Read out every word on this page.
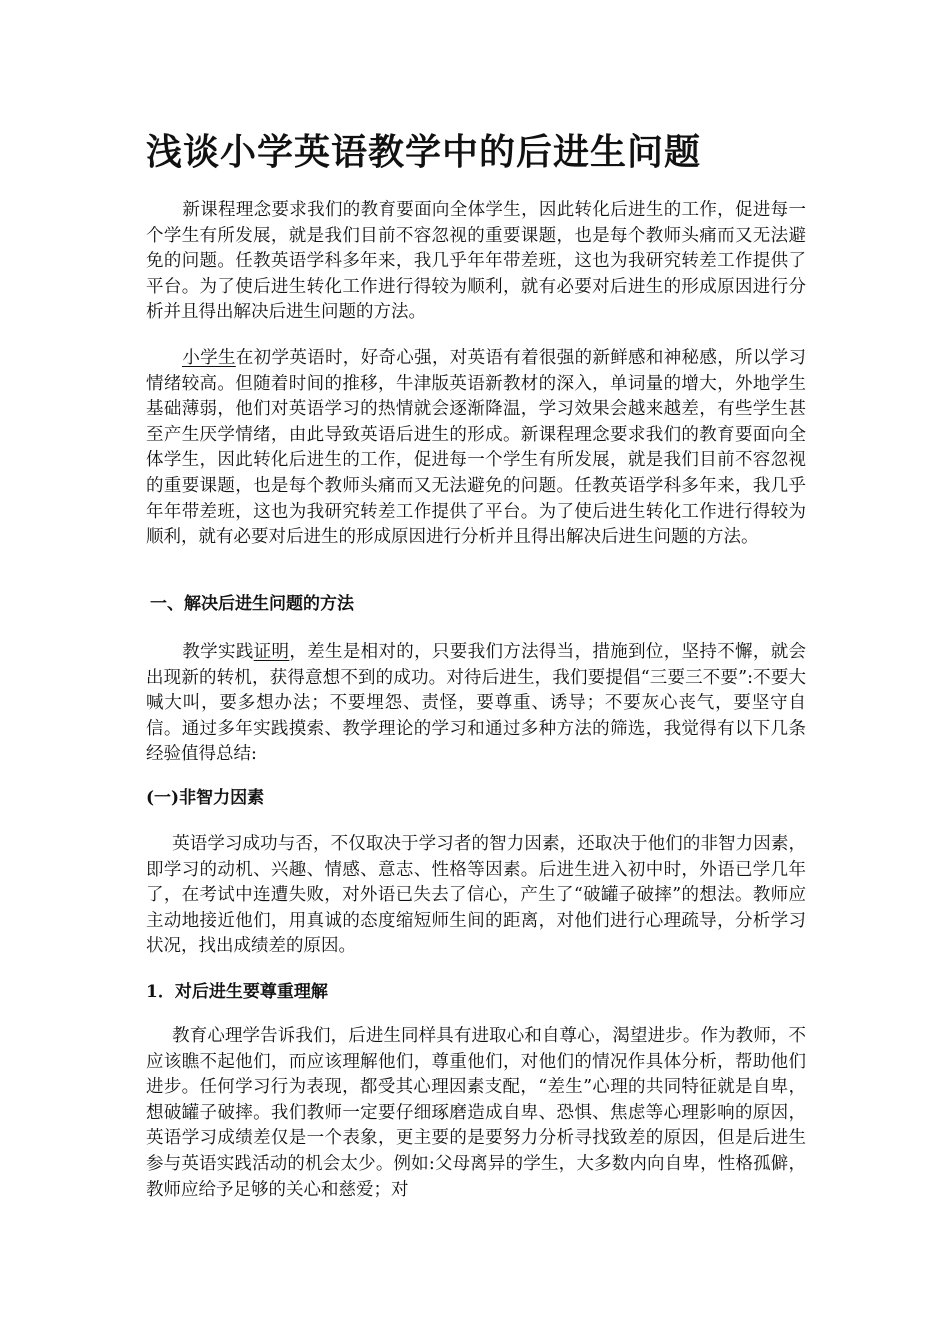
浅谈小学英语教学中的后进生问题

新课程理念要求我们的教育要面向全体学生，因此转化后进生的工作，促进每一个学生有所发展，就是我们目前不容忽视的重要课题，也是每个教师头痛而又无法避免的问题。任教英语学科多年来，我几乎年年带差班，这也为我研究转差工作提供了平台。为了使后进生转化工作进行得较为顺利，就有必要对后进生的形成原因进行分析并且得出解决后进生问题的方法。

小学生在初学英语时，好奇心强，对英语有着很强的新鲜感和神秘感，所以学习情绪较高。但随着时间的推移，牛津版英语新教材的深入，单词量的增大，外地学生基础薄弱，他们对英语学习的热情就会逐渐降温，学习效果会越来越差，有些学生甚至产生厌学情绪，由此导致英语后进生的形成。新课程理念要求我们的教育要面向全体学生，因此转化后进生的工作，促进每一个学生有所发展，就是我们目前不容忽视的重要课题，也是每个教师头痛而又无法避免的问题。任教英语学科多年来，我几乎年年带差班，这也为我研究转差工作提供了平台。为了使后进生转化工作进行得较为顺利，就有必要对后进生的形成原因进行分析并且得出解决后进生问题的方法。

一、解决后进生问题的方法

教学实践证明，差生是相对的，只要我们方法得当，措施到位，坚持不懈，就会出现新的转机，获得意想不到的成功。对待后进生，我们要提倡“三要三不要”:不要大喊大叫，要多想办法；不要埋怨、责怪，要尊重、诱导；不要灰心丧气，要坚守自信。通过多年实践摸索、教学理论的学习和通过多种方法的筛选，我觉得有以下几条经验值得总结:

(一)非智力因素

英语学习成功与否，不仅取决于学习者的智力因素，还取决于他们的非智力因素，即学习的动机、兴趣、情感、意志、性格等因素。后进生进入初中时，外语已学几年了，在考试中连遭失败，对外语已失去了信心，产生了“破罐子破摔”的想法。教师应主动地接近他们，用真诚的态度缩短师生间的距离，对他们进行心理疏导，分析学习状况，找出成绩差的原因。

1．对后进生要尊重理解

教育心理学告诉我们，后进生同样具有进取心和自尊心，渴望进步。作为教师，不应该瞧不起他们，而应该理解他们，尊重他们，对他们的情况作具体分析，帮助他们进步。任何学习行为表现，都受其心理因素支配，“差生”心理的共同特征就是自卑，想破罐子破摔。我们教师一定要仔细琢磨造成自卑、恐惧、焦虑等心理影响的原因，英语学习成绩差仅是一个表象，更主要的是要努力分析寻找致差的原因，但是后进生参与英语实践活动的机会太少。例如:父母离异的学生，大多数内向自卑，性格孤僻，教师应给予足够的关心和慈爱；对
